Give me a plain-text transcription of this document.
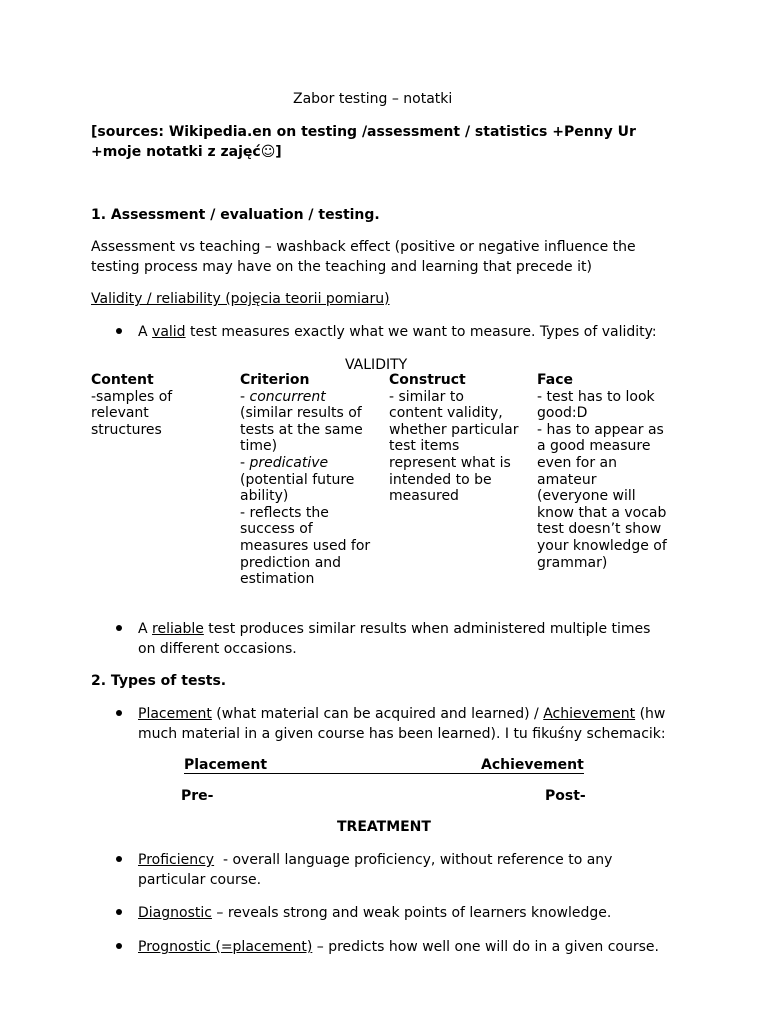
Zabor testing – notatki
[sources: Wikipedia.en on testing /assessment / statistics +Penny Ur
+moje notatki z zajęć☺]
1. Assessment / evaluation / testing.
Assessment vs teaching – washback effect (positive or negative influence the
testing process may have on the teaching and learning that precede it)
Validity / reliability (pojęcia teorii pomiaru)
A valid test measures exactly what we want to measure. Types of validity:
VALIDITY
Content
-samples of
relevant
structures
Criterion
- concurrent
(similar results of
tests at the same
time)
- predicative
(potential future
ability)
- reflects the
success of
measures used for
prediction and
estimation
Construct
- similar to
content validity,
whether particular
test items
represent what is
intended to be
measured
Face
- test has to look
good:D
- has to appear as
a good measure
even for an
amateur
(everyone will
know that a vocab
test doesn’t show
your knowledge of
grammar)
A reliable test produces similar results when administered multiple times
on different occasions.
2. Types of tests.
Placement (what material can be acquired and learned) / Achievement (hw
much material in a given course has been learned). I tu fikuśny schemacik:
Placement	Achievement
Pre-	Post-
TREATMENT
Proficiency  - overall language proficiency, without reference to any
particular course.
Diagnostic – reveals strong and weak points of learners knowledge.
Prognostic (=placement) – predicts how well one will do in a given course.
